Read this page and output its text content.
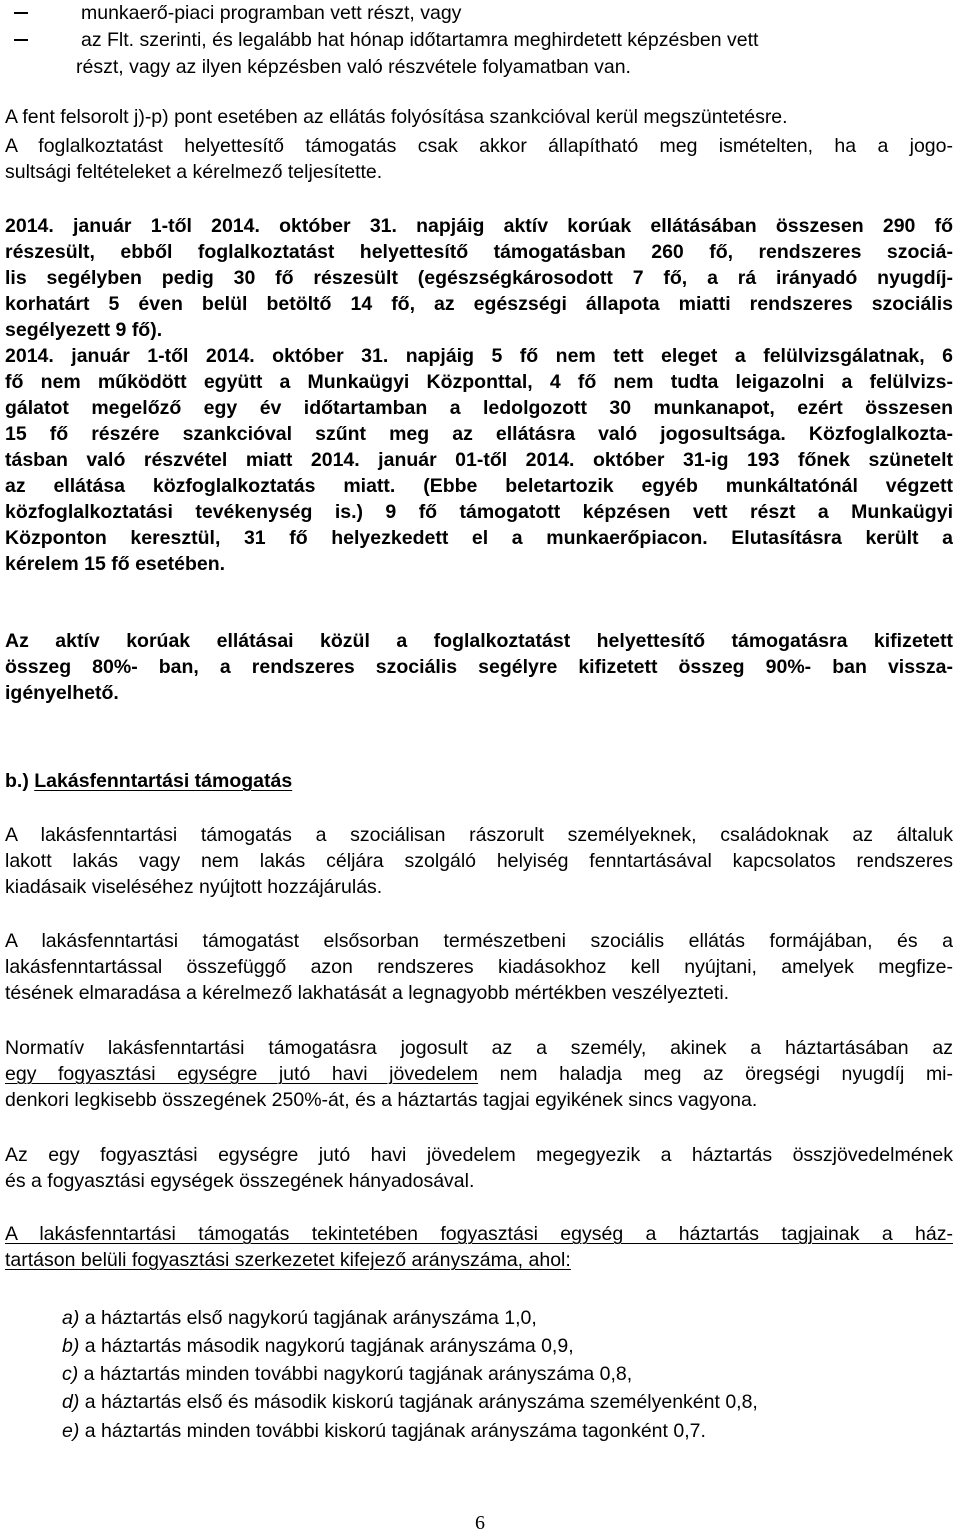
munkaerő-piaci programban vett részt, vagy
az Flt. szerinti, és legalább hat hónap időtartamra meghirdetett képzésben vett
részt, vagy az ilyen képzésben való részvétele folyamatban van.

A fent felsorolt j)-p) pont esetében az ellátás folyósítása szankcióval kerül megszüntetésre.

A foglalkoztatást helyettesítő támogatás csak akkor állapítható meg ismételten, ha a jogo-
sultsági feltételeket a kérelmező teljesítette.

2014. január 1-től 2014. október 31. napjáig aktív korúak ellátásában összesen 290 fő
részesült, ebből foglalkoztatást helyettesítő támogatásban 260 fő, rendszeres szociá-
lis segélyben pedig 30 fő részesült (egészségkárosodott 7 fő, a rá irányadó nyugdíj-
korhatárt 5 éven belül betöltő 14 fő, az egészségi állapota miatti rendszeres szociális
segélyezett 9 fő).

2014. január 1-től 2014. október 31. napjáig 5 fő nem tett eleget a felülvizsgálatnak, 6
fő nem működött együtt a Munkaügyi Központtal, 4 fő nem tudta leigazolni a felülvizs-
gálatot megelőző egy év időtartamban a ledolgozott 30 munkanapot, ezért összesen
15 fő részére szankcióval szűnt meg az ellátásra való jogosultsága. Közfoglalkozta-
tásban való részvétel miatt 2014. január 01-től 2014. október 31-ig 193 főnek szünetelt
az ellátása közfoglalkoztatás miatt. (Ebbe beletartozik egyéb munkáltatónál végzett
közfoglalkoztatási tevékenység is.) 9 fő támogatott képzésen vett részt a Munkaügyi
Központon keresztül, 31 fő helyezkedett el a munkaerőpiacon. Elutasításra került a
kérelem 15 fő esetében.

Az aktív korúak ellátásai közül a foglalkoztatást helyettesítő támogatásra kifizetett
összeg 80%- ban, a rendszeres szociális segélyre kifizetett összeg 90%- ban vissza-
igényelhető.

b.) Lakásfenntartási támogatás

A lakásfenntartási támogatás a szociálisan rászorult személyeknek, családoknak az általuk
lakott lakás vagy nem lakás céljára szolgáló helyiség fenntartásával kapcsolatos rendszeres
kiadásaik viseléséhez nyújtott hozzájárulás.

A lakásfenntartási támogatást elsősorban természetbeni szociális ellátás formájában, és a
lakásfenntartással összefüggő azon rendszeres kiadásokhoz kell nyújtani, amelyek megfize-
tésének elmaradása a kérelmező lakhatását a legnagyobb mértékben veszélyezteti.

Normatív lakásfenntartási támogatásra jogosult az a személy, akinek a háztartásában az
egy fogyasztási egységre jutó havi jövedelem nem haladja meg az öregségi nyugdíj mi-
denkori legkisebb összegének 250%-át, és a háztartás tagjai egyikének sincs vagyona.

Az egy fogyasztási egységre jutó havi jövedelem megegyezik a háztartás összjövedelmének
és a fogyasztási egységek összegének hányadosával.

A lakásfenntartási támogatás tekintetében fogyasztási egység a háztartás tagjainak a ház-
tartáson belüli fogyasztási szerkezetet kifejező arányszáma, ahol:

a) a háztartás első nagykorú tagjának arányszáma 1,0,
b) a háztartás második nagykorú tagjának arányszáma 0,9,
c) a háztartás minden további nagykorú tagjának arányszáma 0,8,
d) a háztartás első és második kiskorú tagjának arányszáma személyenként 0,8,
e) a háztartás minden további kiskorú tagjának arányszáma tagonként 0,7.
6
